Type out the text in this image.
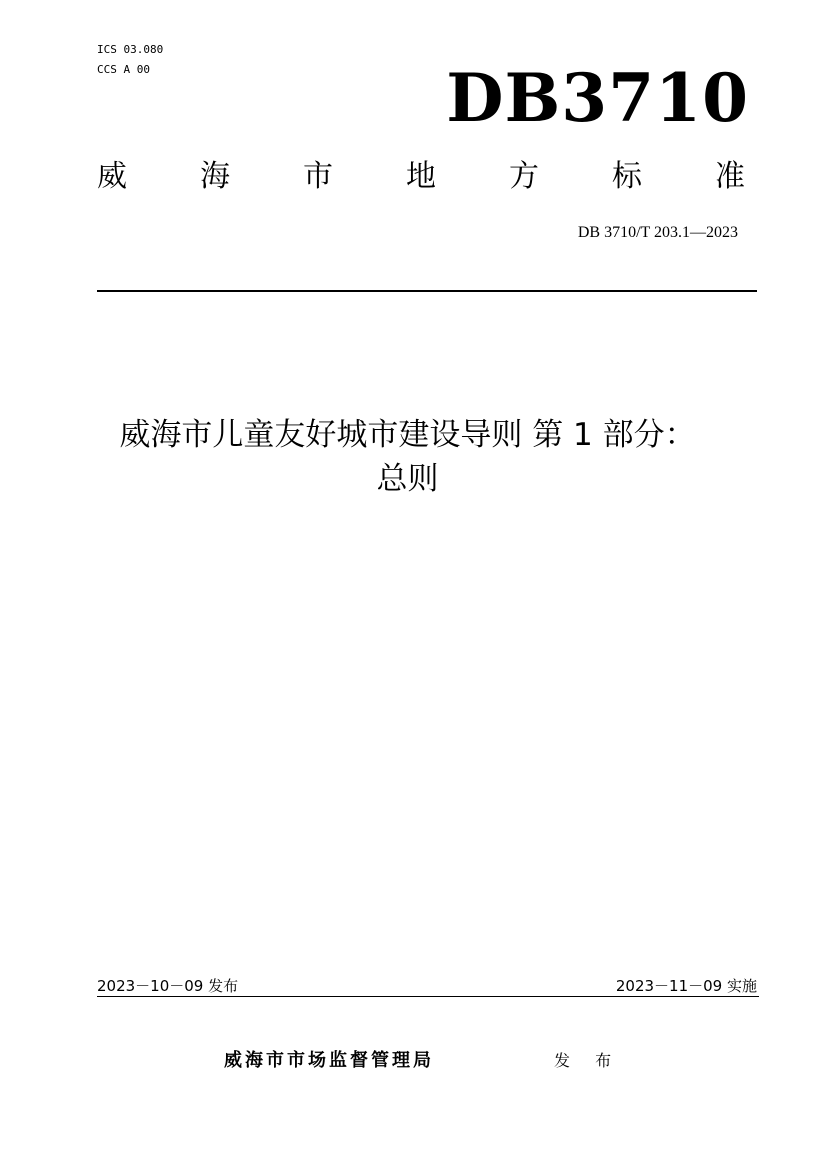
ICS 03.080
CCS A 00	DB3710
威 海 市 地 方 标 准
DB 3710/T 203.1—2023
威海市儿童友好城市建设导则 第 1 部分：
总则
2023－10－09 发布	2023－11－09 实施
威海市市场监督管理局	发 布
